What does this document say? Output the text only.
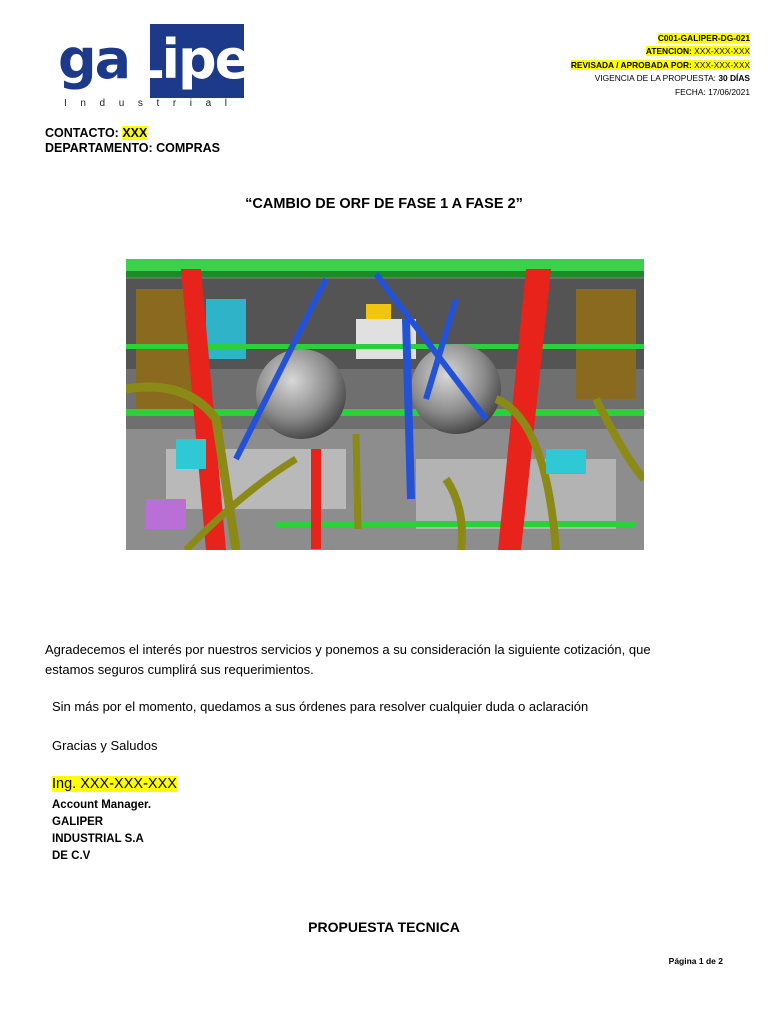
gaLiper
Industrial
C001-GALIPER-DG-021
ATENCION: XXX-XXX-XXX
REVISADA / APROBADA POR: XXX-XXX-XXX
VIGENCIA DE LA PROPUESTA: 30 DÍAS
FECHA: 17/06/2021
CONTACTO: XXX
DEPARTAMENTO: COMPRAS
“CAMBIO DE ORF DE FASE 1 A FASE 2”
Agradecemos el interés por nuestros servicios y ponemos a su consideración la siguiente cotización, que
estamos seguros cumplirá sus requerimientos.
Sin más por el momento, quedamos a sus órdenes para resolver cualquier duda o aclaración
Gracias y Saludos
Ing. XXX-XXX-XXX
Account Manager.
GALIPER
INDUSTRIAL S.A
DE C.V
PROPUESTA TECNICA
Página 1 de 2
